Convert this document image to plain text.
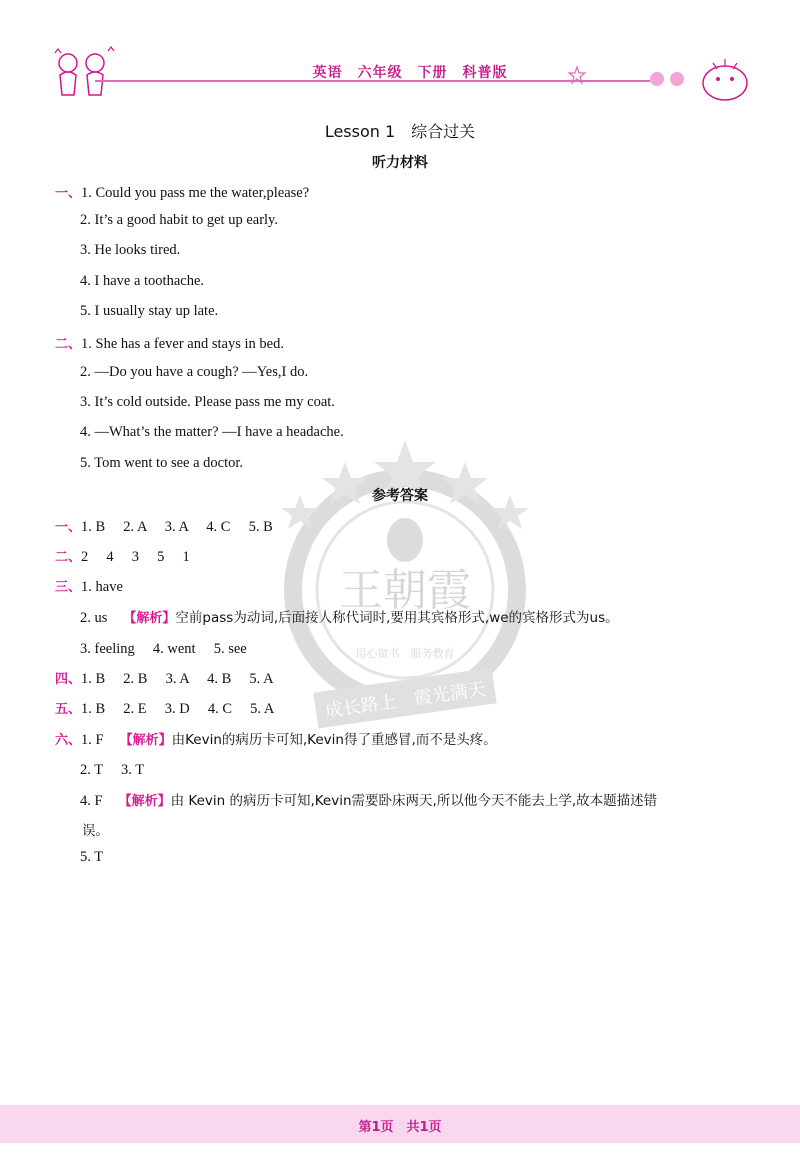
英语　六年级　下册　科普版
王朝霞
用心做书　服务教育
成长路上　霞光满天
Lesson 1　综合过关
听力材料
一、1. Could you pass me the water,please?
2. It’s a good habit to get up early.
3. He looks tired.
4. I have a toothache.
5. I usually stay up late.
二、1. She has a fever and stays in bed.
2. —Do you have a cough? —Yes,I do.
3. It’s cold outside. Please pass me my coat.
4. —What’s the matter? —I have a headache.
5. Tom went to see a doctor.
参考答案
一、1. B　 2. A　 3. A　 4. C　 5. B
二、2　 4　 3　 5　 1
三、1. have
2. us 【解析】空前pass为动词,后面接人称代词时,要用其宾格形式,we的宾格形式为us。
3. feeling　 4. went　 5. see
四、1. B　 2. B　 3. A　 4. B　 5. A
五、1. B　 2. E　 3. D　 4. C　 5. A
六、1. F 【解析】由Kevin的病历卡可知,Kevin得了重感冒,而不是头疼。
2. T　 3. T
4. F 【解析】由 Kevin 的病历卡可知,Kevin需要卧床两天,所以他今天不能去上学,故本题描述错
误。
5. T
第1页　共1页
